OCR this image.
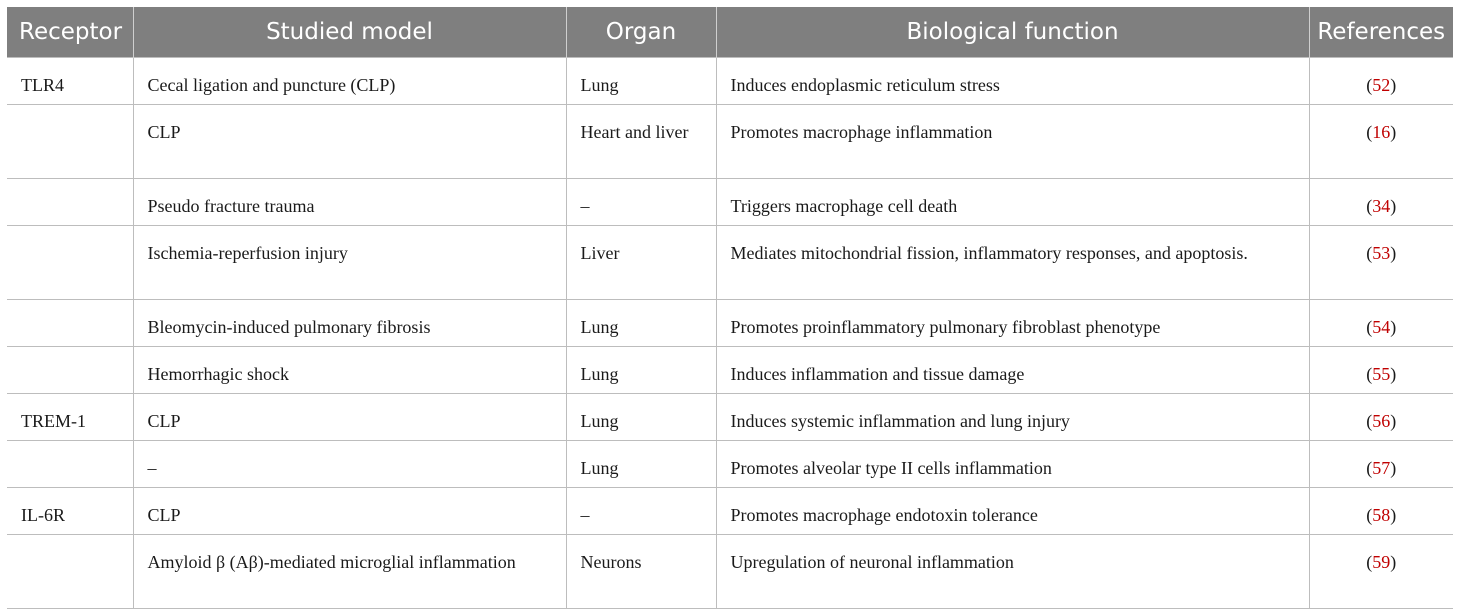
Receptor	Studied model	Organ	Biological function	References
TLR4	Cecal ligation and puncture (CLP)	Lung	Induces endoplasmic reticulum stress	(52)
	CLP	Heart and liver	Promotes macrophage inflammation	(16)
	Pseudo fracture trauma	–	Triggers macrophage cell death	(34)
	Ischemia-reperfusion injury	Liver	Mediates mitochondrial fission, inflammatory responses, and apoptosis.	(53)
	Bleomycin-induced pulmonary fibrosis	Lung	Promotes proinflammatory pulmonary fibroblast phenotype	(54)
	Hemorrhagic shock	Lung	Induces inflammation and tissue damage	(55)
TREM-1	CLP	Lung	Induces systemic inflammation and lung injury	(56)
	–	Lung	Promotes alveolar type II cells inflammation	(57)
IL-6R	CLP	–	Promotes macrophage endotoxin tolerance	(58)
	Amyloid β (Aβ)-mediated microglial inflammation	Neurons	Upregulation of neuronal inflammation	(59)
